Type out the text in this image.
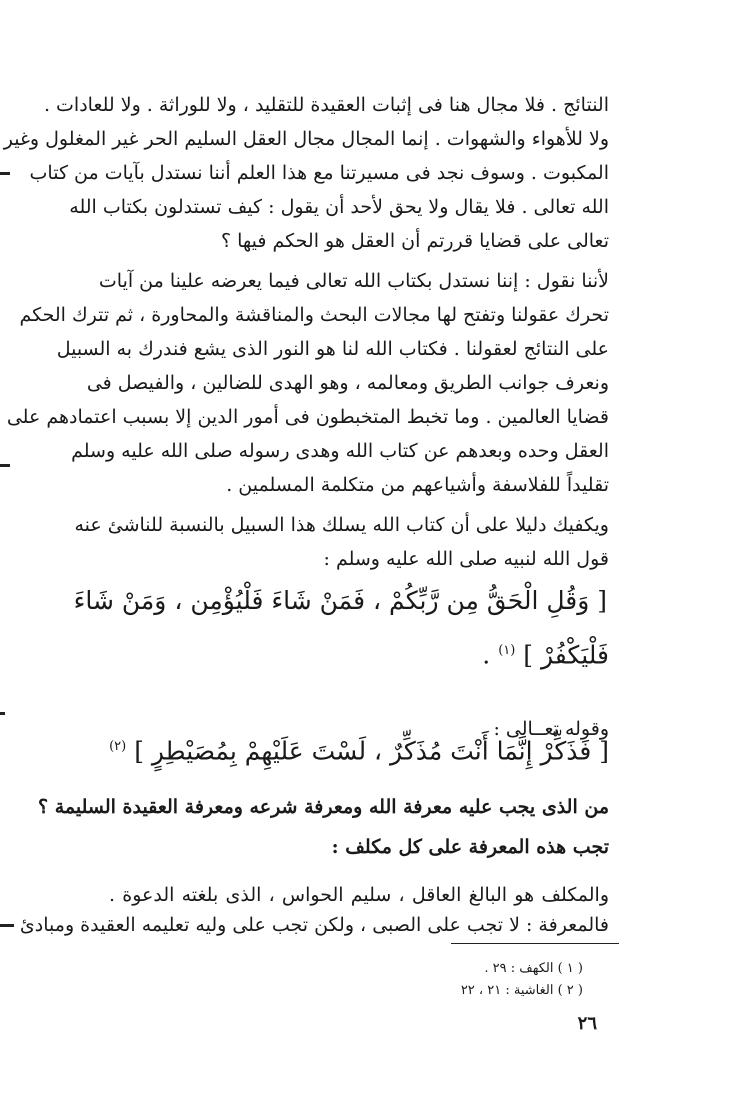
النتائج . فلا مجال هنا فى إثبات العقيدة للتقليد ، ولا للوراثة . ولا للعادات .
ولا للأهواء والشهوات . إنما المجال مجال العقل السليم الحر غير المغلول وغير
المكبوت . وسوف نجد فى مسيرتنا مع هذا العلم أننا نستدل بآيات من كتاب
الله تعالى . فلا يقال ولا يحق لأحد أن يقول : كيف تستدلون بكتاب الله
تعالى على قضايا قررتم أن العقل هو الحكم فيها ؟
لأننا نقول : إننا نستدل بكتاب الله تعالى فيما يعرضه علينا من آيات
تحرك عقولنا وتفتح لها مجالات البحث والمناقشة والمحاورة ، ثم تترك الحكم
على النتائج لعقولنا . فكتاب الله لنا هو النور الذى يشع فندرك به السبيل
ونعرف جوانب الطريق ومعالمه ، وهو الهدى للضالين ، والفيصل فى
قضايا العالمين . وما تخبط المتخبطون فى أمور الدين إلا بسبب اعتمادهم على
العقل وحده وبعدهم عن كتاب الله وهدى رسوله صلى الله عليه وسلم
تقليداً للفلاسفة وأشياعهم من متكلمة المسلمين .
ويكفيك دليلا على أن كتاب الله يسلك هذا السبيل بالنسبة للناشئ عنه
قول الله لنبيه صلى الله عليه وسلم :
[ وَقُلِ الْحَقُّ مِن رَّبِّكُمْ ، فَمَنْ شَاءَ فَلْيُؤْمِن ، وَمَنْ شَاءَ
فَلْيَكْفُرْ ] $^{(١)}$ .
وقوله تعــالى :
[ فَذَكِّرْ إِنَّمَا أَنْتَ مُذَكِّرٌ ، لَسْتَ عَلَيْهِمْ بِمُصَيْطِرٍ ] $^{(٢)}$
من الذى يجب عليه معرفة الله ومعرفة شرعه ومعرفة العقيدة السليمة ؟
تجب هذه المعرفة على كل مكلف :
والمكلف هو البالغ العاقل ، سليم الحواس ، الذى بلغته الدعوة .
فالمعرفة : لا تجب على الصبى ، ولكن تجب على وليه تعليمه العقيدة ومبادئ
( ١ ) الكهف : ٢٩ .
( ٢ ) الغاشية : ٢١ ، ٢٢
٢٦
